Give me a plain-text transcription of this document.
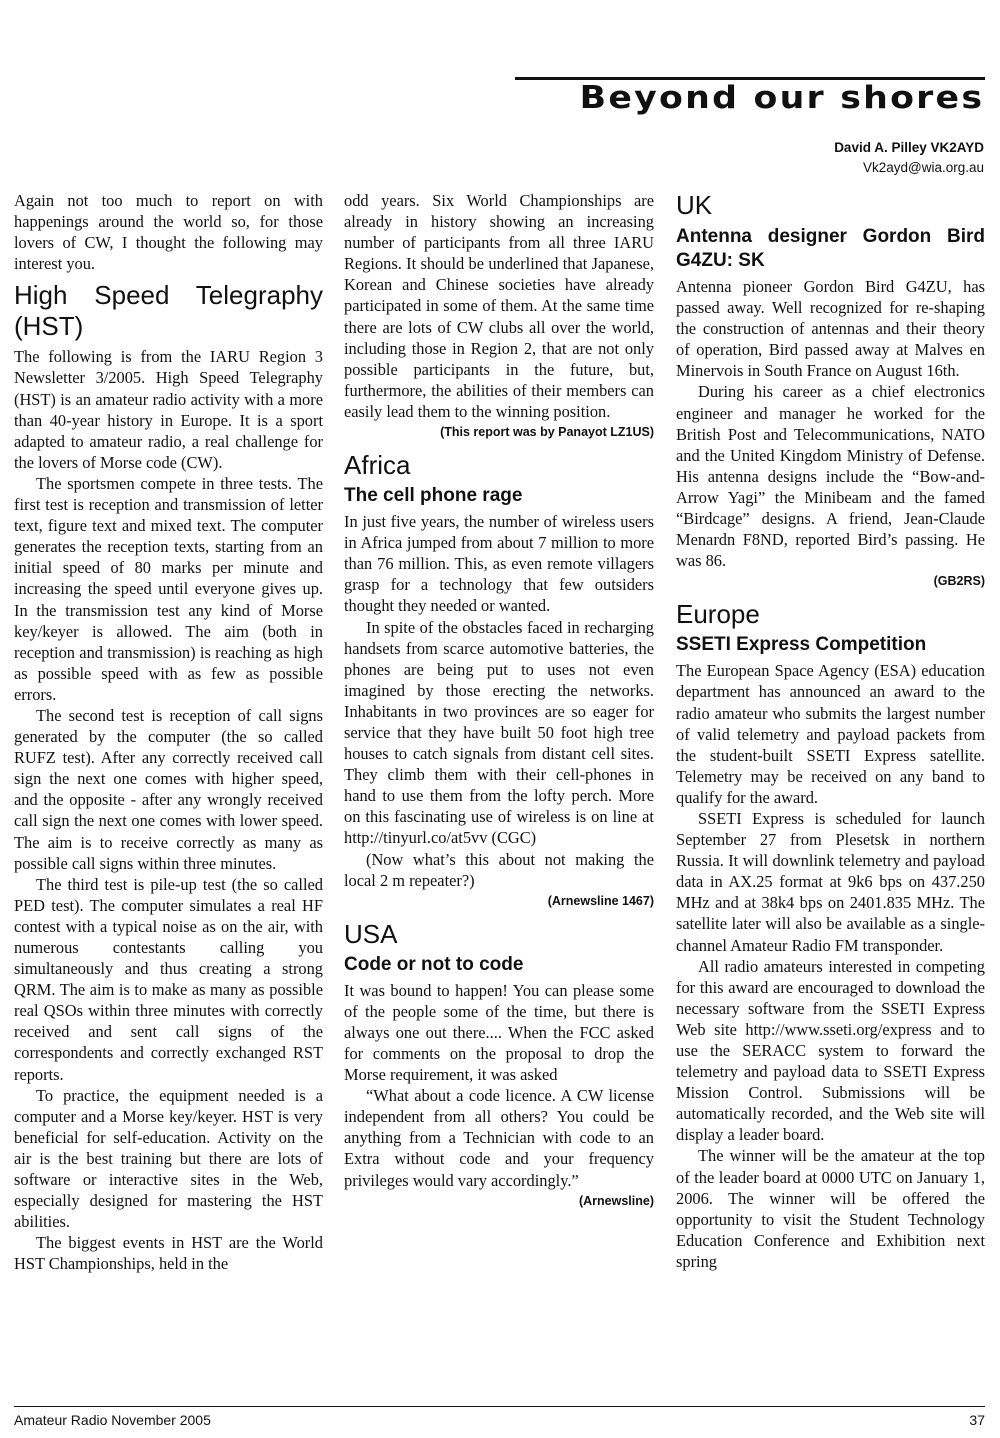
Beyond our shores
David A. Pilley VK2AYD
Vk2ayd@wia.org.au

Again not too much to report on with happenings around the world so, for those lovers of CW, I thought the following may interest you.

High Speed Telegraphy (HST)

The following is from the IARU Region 3 Newsletter 3/2005. High Speed Telegraphy (HST) is an amateur radio activity with a more than 40-year history in Europe. It is a sport adapted to amateur radio, a real challenge for the lovers of Morse code (CW).

The sportsmen compete in three tests. The first test is reception and transmission of letter text, figure text and mixed text. The computer generates the reception texts, starting from an initial speed of 80 marks per minute and increasing the speed until everyone gives up. In the transmission test any kind of Morse key/keyer is allowed. The aim (both in reception and transmission) is reaching as high as possible speed with as few as possible errors.

The second test is reception of call signs generated by the computer (the so called RUFZ test). After any correctly received call sign the next one comes with higher speed, and the opposite - after any wrongly received call sign the next one comes with lower speed. The aim is to receive correctly as many as possible call signs within three minutes.

The third test is pile-up test (the so called PED test). The computer simulates a real HF contest with a typical noise as on the air, with numerous contestants calling you simultaneously and thus creating a strong QRM. The aim is to make as many as possible real QSOs within three minutes with correctly received and sent call signs of the correspondents and correctly exchanged RST reports.

To practice, the equipment needed is a computer and a Morse key/keyer. HST is very beneficial for self-education. Activity on the air is the best training but there are lots of software or interactive sites in the Web, especially designed for mastering the HST abilities.

The biggest events in HST are the World HST Championships, held in the

odd years. Six World Championships are already in history showing an increasing number of participants from all three IARU Regions. It should be underlined that Japanese, Korean and Chinese societies have already participated in some of them. At the same time there are lots of CW clubs all over the world, including those in Region 2, that are not only possible participants in the future, but, furthermore, the abilities of their members can easily lead them to the winning position.

(This report was by Panayot LZ1US)
Africa
The cell phone rage

In just five years, the number of wireless users in Africa jumped from about 7 million to more than 76 million. This, as even remote villagers grasp for a technology that few outsiders thought they needed or wanted.

In spite of the obstacles faced in recharging handsets from scarce automotive batteries, the phones are being put to uses not even imagined by those erecting the networks. Inhabitants in two provinces are so eager for service that they have built 50 foot high tree houses to catch signals from distant cell sites. They climb them with their cell-phones in hand to use them from the lofty perch. More on this fascinating use of wireless is on line at http://tinyurl.co/at5vv (CGC)

(Now what’s this about not making the local 2 m repeater?)

(Arnewsline 1467)
USA
Code or not to code

It was bound to happen! You can please some of the people some of the time, but there is always one out there.... When the FCC asked for comments on the proposal to drop the Morse requirement, it was asked

“What about a code licence. A CW license independent from all others? You could be anything from a Technician with code to an Extra without code and your frequency privileges would vary accordingly.”

(Arnewsline)
UK
Antenna designer Gordon Bird G4ZU: SK

Antenna pioneer Gordon Bird G4ZU, has passed away. Well recognized for re-shaping the construction of antennas and their theory of operation, Bird passed away at Malves en Minervois in South France on August 16th.

During his career as a chief electronics engineer and manager he worked for the British Post and Telecommunications, NATO and the United Kingdom Ministry of Defense. His antenna designs include the “Bow-and-Arrow Yagi” the Minibeam and the famed “Birdcage” designs. A friend, Jean-Claude Menardn F8ND, reported Bird’s passing. He was 86.

(GB2RS)
Europe
SSETI Express Competition

The European Space Agency (ESA) education department has announced an award to the radio amateur who submits the largest number of valid telemetry and payload packets from the student-built SSETI Express satellite. Telemetry may be received on any band to qualify for the award.

SSETI Express is scheduled for launch September 27 from Plesetsk in northern Russia. It will downlink telemetry and payload data in AX.25 format at 9k6 bps on 437.250 MHz and at 38k4 bps on 2401.835 MHz. The satellite later will also be available as a single-channel Amateur Radio FM transponder.

All radio amateurs interested in competing for this award are encouraged to download the necessary software from the SSETI Express Web site http://www.sseti.org/express and to use the SERACC system to forward the telemetry and payload data to SSETI Express Mission Control. Submissions will be automatically recorded, and the Web site will display a leader board.

The winner will be the amateur at the top of the leader board at 0000 UTC on January 1, 2006. The winner will be offered the opportunity to visit the Student Technology Education Conference and Exhibition next spring

Amateur Radio November 2005	37
